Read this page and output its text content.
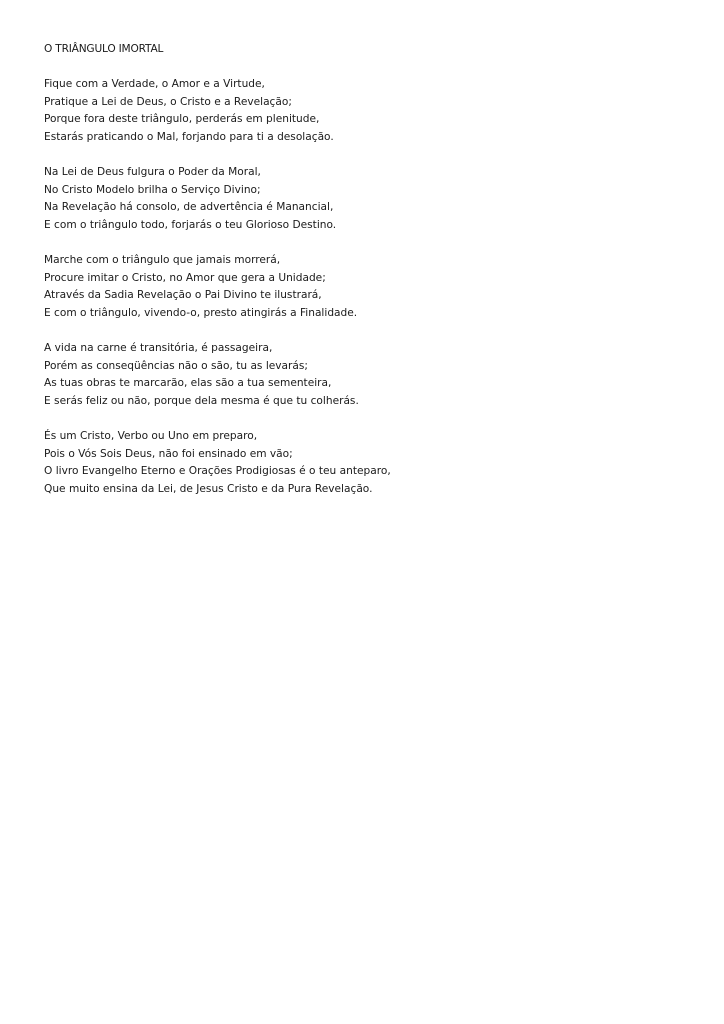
O TRIÂNGULO IMORTAL
Fique com a Verdade, o Amor e a Virtude,
Pratique a Lei de Deus, o Cristo e a Revelação;
Porque fora deste triângulo, perderás em plenitude,
Estarás praticando o Mal, forjando para ti a desolação.
Na Lei de Deus fulgura o Poder da Moral,
No Cristo Modelo brilha o Serviço Divino;
Na Revelação há consolo, de advertência é Manancial,
E com o triângulo todo, forjarás o teu Glorioso Destino.
Marche com o triângulo que jamais morrerá,
Procure imitar o Cristo, no Amor que gera a Unidade;
Através da Sadia Revelação o Pai Divino te ilustrará,
E com o triângulo, vivendo-o, presto atingirás a Finalidade.
A vida na carne é transitória, é passageira,
Porém as conseqüências não o são, tu as levarás;
As tuas obras te marcarão, elas são a tua sementeira,
E serás feliz ou não, porque dela mesma é que tu colherás.
És um Cristo, Verbo ou Uno em preparo,
Pois o Vós Sois Deus, não foi ensinado em vão;
O livro Evangelho Eterno e Orações Prodigiosas é o teu anteparo,
Que muito ensina da Lei, de Jesus Cristo e da Pura Revelação.
